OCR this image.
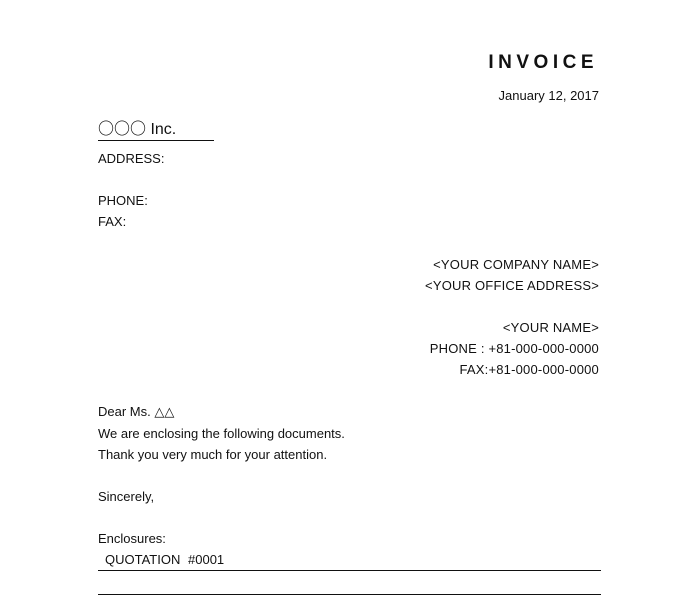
INVOICE
January 12, 2017
〇〇〇 Inc.
ADDRESS:
PHONE:
FAX:
<YOUR COMPANY NAME>
<YOUR OFFICE ADDRESS>
<YOUR NAME>
PHONE : +81-000-000-0000
FAX:+81-000-000-0000
Dear Ms. △△
We are enclosing the following documents.
Thank you very much for your attention.
Sincerely,
Enclosures:
QUOTATION #0001
